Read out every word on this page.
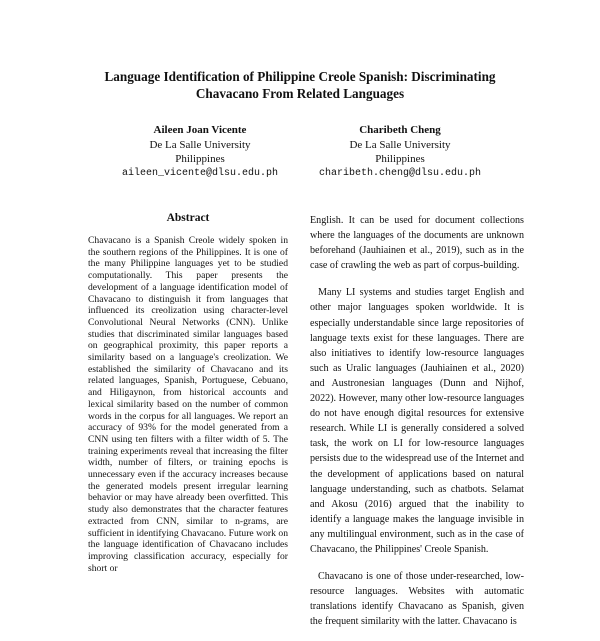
Language Identification of Philippine Creole Spanish: Discriminating
Chavacano From Related Languages
Aileen Joan Vicente
De La Salle University
Philippines
aileen_vicente@dlsu.edu.ph
Charibeth Cheng
De La Salle University
Philippines
charibeth.cheng@dlsu.edu.ph
Abstract
Chavacano is a Spanish Creole widely spoken in the southern regions of the Philippines. It is one of the many Philippine languages yet to be studied computationally. This paper presents the development of a language identification model of Chavacano to distinguish it from languages that influenced its creolization using character-level Convolutional Neural Networks (CNN). Unlike studies that discriminated similar languages based on geographical proximity, this paper reports a similarity based on a language's creolization. We established the similarity of Chavacano and its related languages, Spanish, Portuguese, Cebuano, and Hiligaynon, from historical accounts and lexical similarity based on the number of common words in the corpus for all languages. We report an accuracy of 93% for the model generated from a CNN using ten filters with a filter width of 5. The training experiments reveal that increasing the filter width, number of filters, or training epochs is unnecessary even if the accuracy increases because the generated models present irregular learning behavior or may have already been overfitted. This study also demonstrates that the character features extracted from CNN, similar to n-grams, are sufficient in identifying Chavacano. Future work on the language identification of Chavacano includes improving classification accuracy, especially for short or

English. It can be used for document collections where the languages of the documents are unknown beforehand (Jauhiainen et al., 2019), such as in the case of crawling the web as part of corpus-building.

Many LI systems and studies target English and other major languages spoken worldwide. It is especially understandable since large repositories of language texts exist for these languages. There are also initiatives to identify low-resource languages such as Uralic languages (Jauhiainen et al., 2020) and Austronesian languages (Dunn and Nijhof, 2022). However, many other low-resource languages do not have enough digital resources for extensive research. While LI is generally considered a solved task, the work on LI for low-resource languages persists due to the widespread use of the Internet and the development of applications based on natural language understanding, such as chatbots. Selamat and Akosu (2016) argued that the inability to identify a language makes the language invisible in any multilingual environment, such as in the case of Chavacano, the Philippines' Creole Spanish.

Chavacano is one of those under-researched, low-resource languages. Websites with automatic translations identify Chavacano as Spanish, given the frequent similarity with the latter. Chavacano is
